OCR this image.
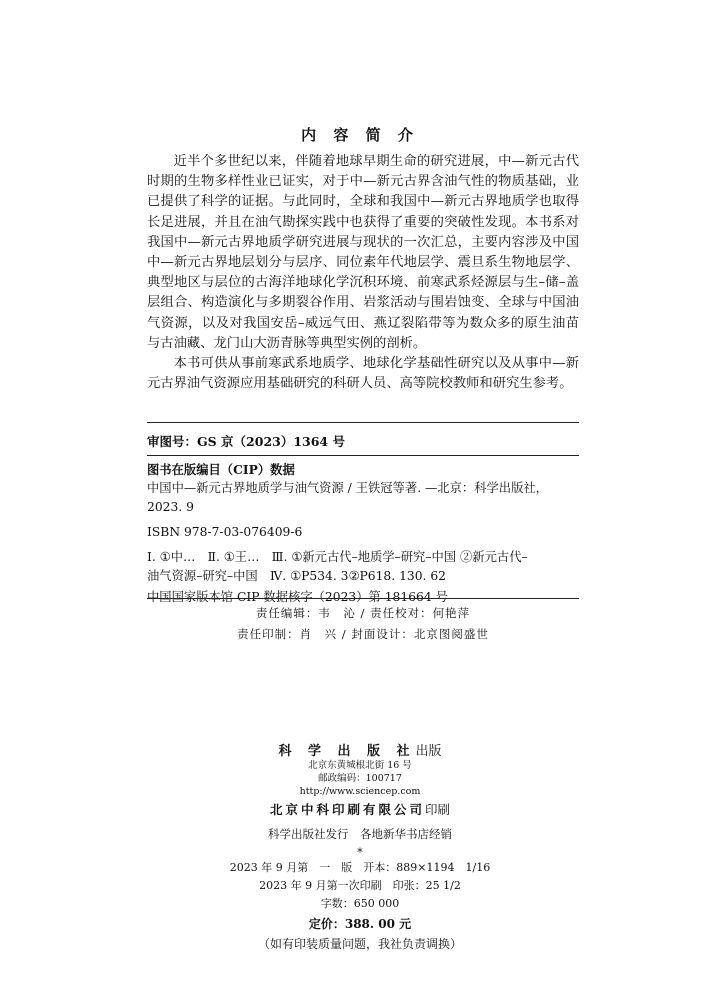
内 容 简 介

近半个多世纪以来，伴随着地球早期生命的研究进展，中—新元古代时期的生物多样性业已证实，对于中—新元古界含油气性的物质基础，业已提供了科学的证据。与此同时，全球和我国中—新元古界地质学也取得长足进展，并且在油气勘探实践中也获得了重要的突破性发现。本书系对我国中—新元古界地质学研究进展与现状的一次汇总，主要内容涉及中国中—新元古界地层划分与层序、同位素年代地层学、震旦系生物地层学、典型地区与层位的古海洋地球化学沉积环境、前寒武系烃源层与生–储–盖层组合、构造演化与多期裂谷作用、岩浆活动与围岩蚀变、全球与中国油气资源，以及对我国安岳–威远气田、燕辽裂陷带等为数众多的原生油苗与古油藏、龙门山大沥青脉等典型实例的剖析。

本书可供从事前寒武系地质学、地球化学基础性研究以及从事中—新元古界油气资源应用基础研究的科研人员、高等院校教师和研究生参考。

审图号：GS 京（2023）1364 号
图书在版编目（CIP）数据
中国中—新元古界地质学与油气资源 / 王铁冠等著. —北京：科学出版社，
2023. 9
ISBN 978-7-03-076409-6
Ⅰ. ①中…　Ⅱ. ①王…　Ⅲ. ①新元古代–地质学–研究–中国 ②新元古代–
油气资源–研究–中国　Ⅳ. ①P534. 3②P618. 130. 62
中国国家版本馆 CIP 数据核字（2023）第 181664 号
责任编辑：韦　沁 / 责任校对：何艳萍
责任印制：肖　兴 / 封面设计：北京图阅盛世
科 学 出 版 社出版
北京东黄城根北街 16 号
邮政编码：100717
http://www.sciencep.com
北京中科印刷有限公司印刷
科学出版社发行　各地新华书店经销
*
2023 年 9 月第　一　版　开本：889×1194　1/16
2023 年 9 月第一次印刷　印张：25 1/2
字数：650 000
定价：388. 00 元
（如有印装质量问题，我社负责调换）
